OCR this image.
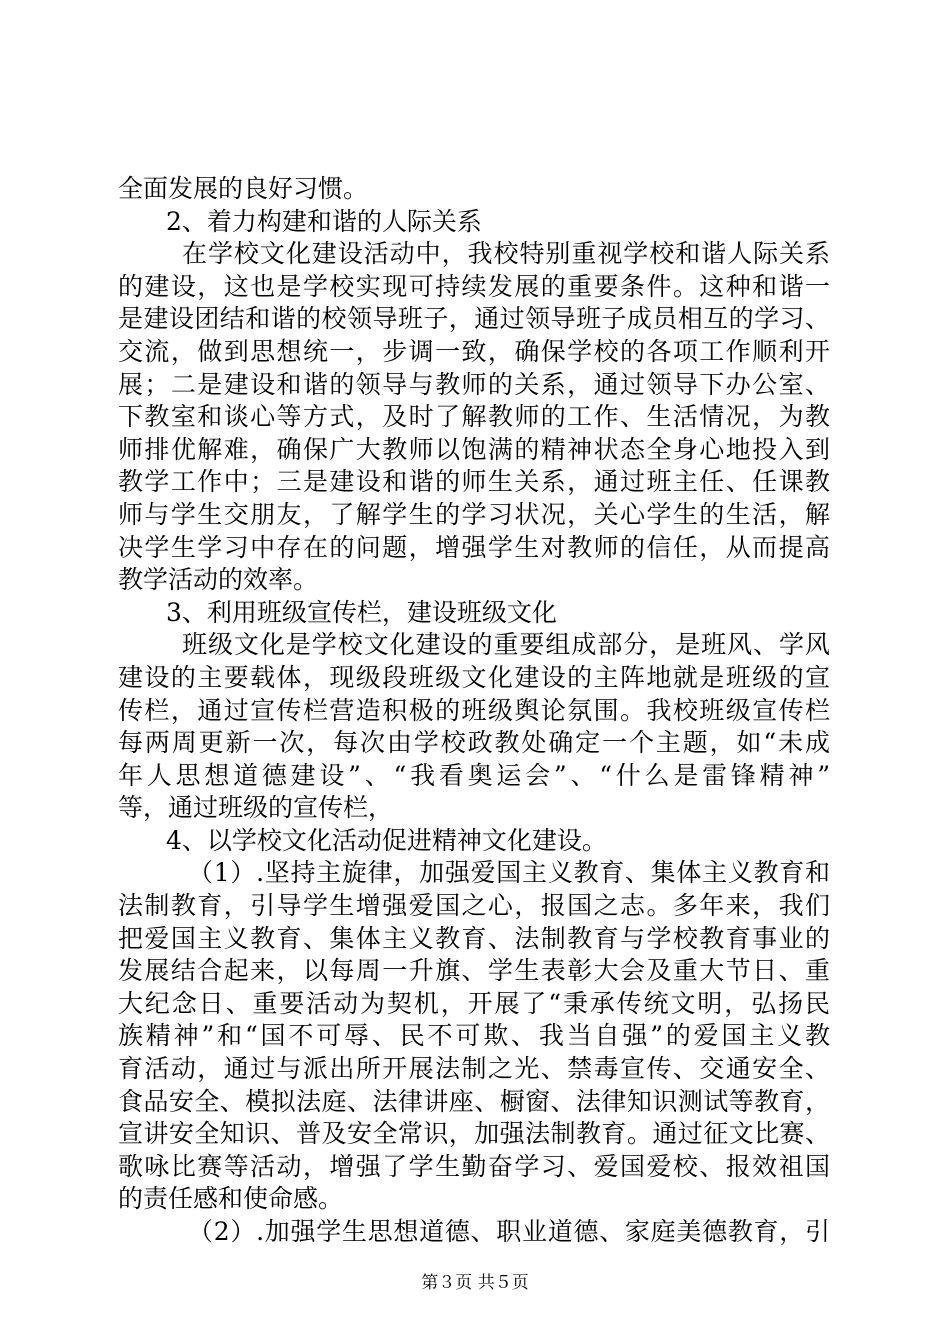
全面发展的良好习惯。
2、着力构建和谐的人际关系
在学校文化建设活动中，我校特别重视学校和谐人际关系
的建设，这也是学校实现可持续发展的重要条件。这种和谐一
是建设团结和谐的校领导班子，通过领导班子成员相互的学习、
交流，做到思想统一，步调一致，确保学校的各项工作顺利开
展；二是建设和谐的领导与教师的关系，通过领导下办公室、
下教室和谈心等方式，及时了解教师的工作、生活情况，为教
师排优解难，确保广大教师以饱满的精神状态全身心地投入到
教学工作中；三是建设和谐的师生关系，通过班主任、任课教
师与学生交朋友，了解学生的学习状况，关心学生的生活，解
决学生学习中存在的问题，增强学生对教师的信任，从而提高
教学活动的效率。
3、利用班级宣传栏，建设班级文化
班级文化是学校文化建设的重要组成部分，是班风、学风
建设的主要载体，现级段班级文化建设的主阵地就是班级的宣
传栏，通过宣传栏营造积极的班级舆论氛围。我校班级宣传栏
每两周更新一次，每次由学校政教处确定一个主题，如“未成
年人思想道德建设”、“我看奥运会”、“什么是雷锋精神”
等，通过班级的宣传栏，
4、以学校文化活动促进精神文化建设。
（1）.坚持主旋律，加强爱国主义教育、集体主义教育和
法制教育，引导学生增强爱国之心，报国之志。多年来，我们
把爱国主义教育、集体主义教育、法制教育与学校教育事业的
发展结合起来，以每周一升旗、学生表彰大会及重大节日、重
大纪念日、重要活动为契机，开展了“秉承传统文明，弘扬民
族精神”和“国不可辱、民不可欺、我当自强”的爱国主义教
育活动，通过与派出所开展法制之光、禁毒宣传、交通安全、
食品安全、模拟法庭、法律讲座、橱窗、法律知识测试等教育，
宣讲安全知识、普及安全常识，加强法制教育。通过征文比赛、
歌咏比赛等活动，增强了学生勤奋学习、爱国爱校、报效祖国
的责任感和使命感。
（2）.加强学生思想道德、职业道德、家庭美德教育，引
第３页 共５页
